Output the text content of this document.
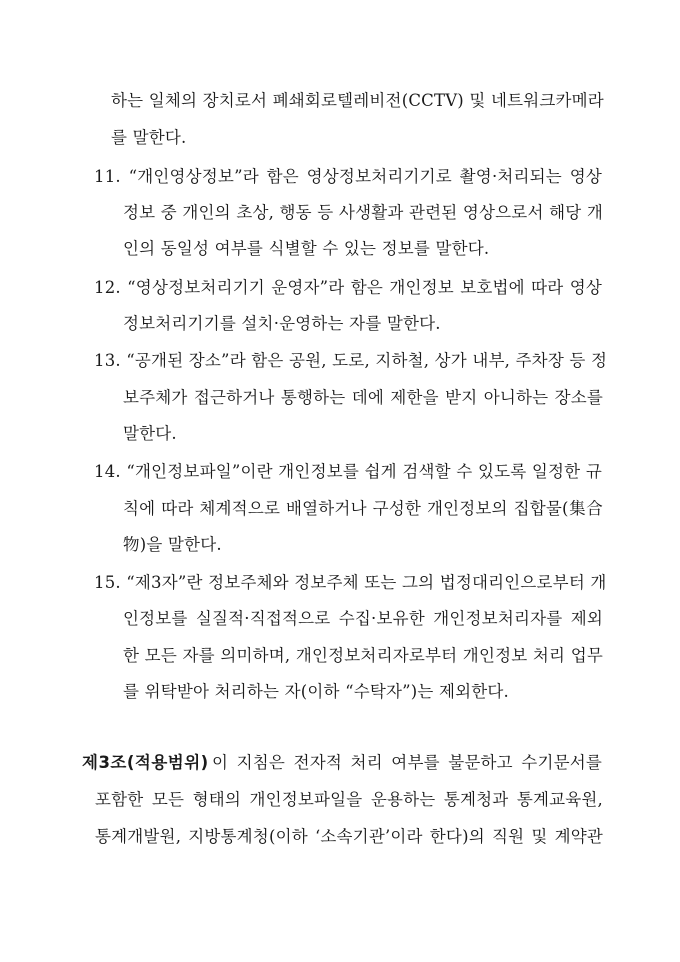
하는 일체의 장치로서 폐쇄회로텔레비전(CCTV) 및 네트워크카메라
를 말한다.
11. “개인영상정보”라 함은 영상정보처리기기로 촬영·처리되는 영상
정보 중 개인의 초상, 행동 등 사생활과 관련된 영상으로서 해당 개
인의 동일성 여부를 식별할 수 있는 정보를 말한다.
12. “영상정보처리기기 운영자”라 함은 개인정보 보호법에 따라 영상
정보처리기기를 설치·운영하는 자를 말한다.
13. “공개된 장소”라 함은 공원, 도로, 지하철, 상가 내부, 주차장 등 정
보주체가 접근하거나 통행하는 데에 제한을 받지 아니하는 장소를
말한다.
14. “개인정보파일”이란 개인정보를 쉽게 검색할 수 있도록 일정한 규
칙에 따라 체계적으로 배열하거나 구성한 개인정보의 집합물(集合
物)을 말한다.
15. “제3자”란 정보주체와 정보주체 또는 그의 법정대리인으로부터 개
인정보를 실질적·직접적으로 수집·보유한 개인정보처리자를 제외
한 모든 자를 의미하며, 개인정보처리자로부터 개인정보 처리 업무
를 위탁받아 처리하는 자(이하 “수탁자”)는 제외한다.
제3조(적용범위) 이 지침은 전자적 처리 여부를 불문하고 수기문서를
포함한 모든 형태의 개인정보파일을 운용하는 통계청과 통계교육원,
통계개발원, 지방통계청(이하 ‘소속기관’이라 한다)의 직원 및 계약관
